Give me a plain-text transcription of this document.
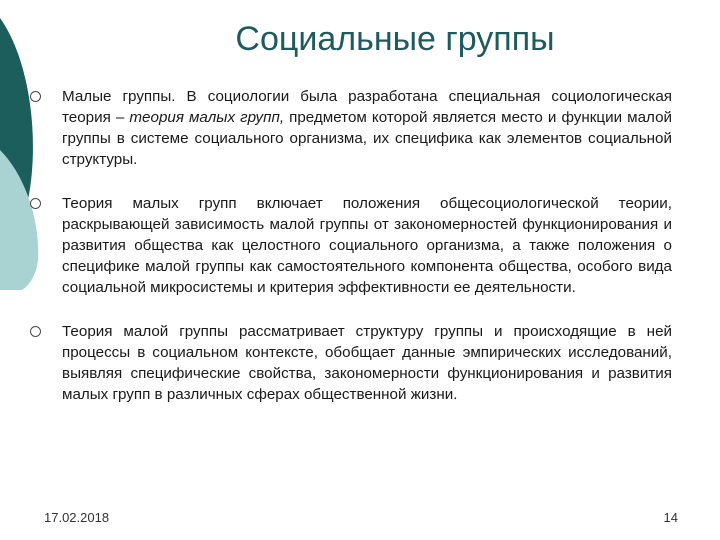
Социальные группы
Малые группы. В социологии была разработана специальная социологическая теория – теория малых групп, предметом которой является место и функции малой группы в системе социального организма, их специфика как элементов социальной структуры.
Теория малых групп включает положения общесоциологической теории, раскрывающей зависимость малой группы от закономерностей функционирования и развития общества как целостного социального организма, а также положения о специфике малой группы как самостоятельного компонента общества, особого вида социальной микросистемы и критерия эффективности ее деятельности.
Теория малой группы рассматривает структуру группы и происходящие в ней процессы в социальном контексте, обобщает данные эмпирических исследований, выявляя специфические свойства, закономерности функционирования и развития малых групп в различных сферах общественной жизни.
17.02.2018	14
